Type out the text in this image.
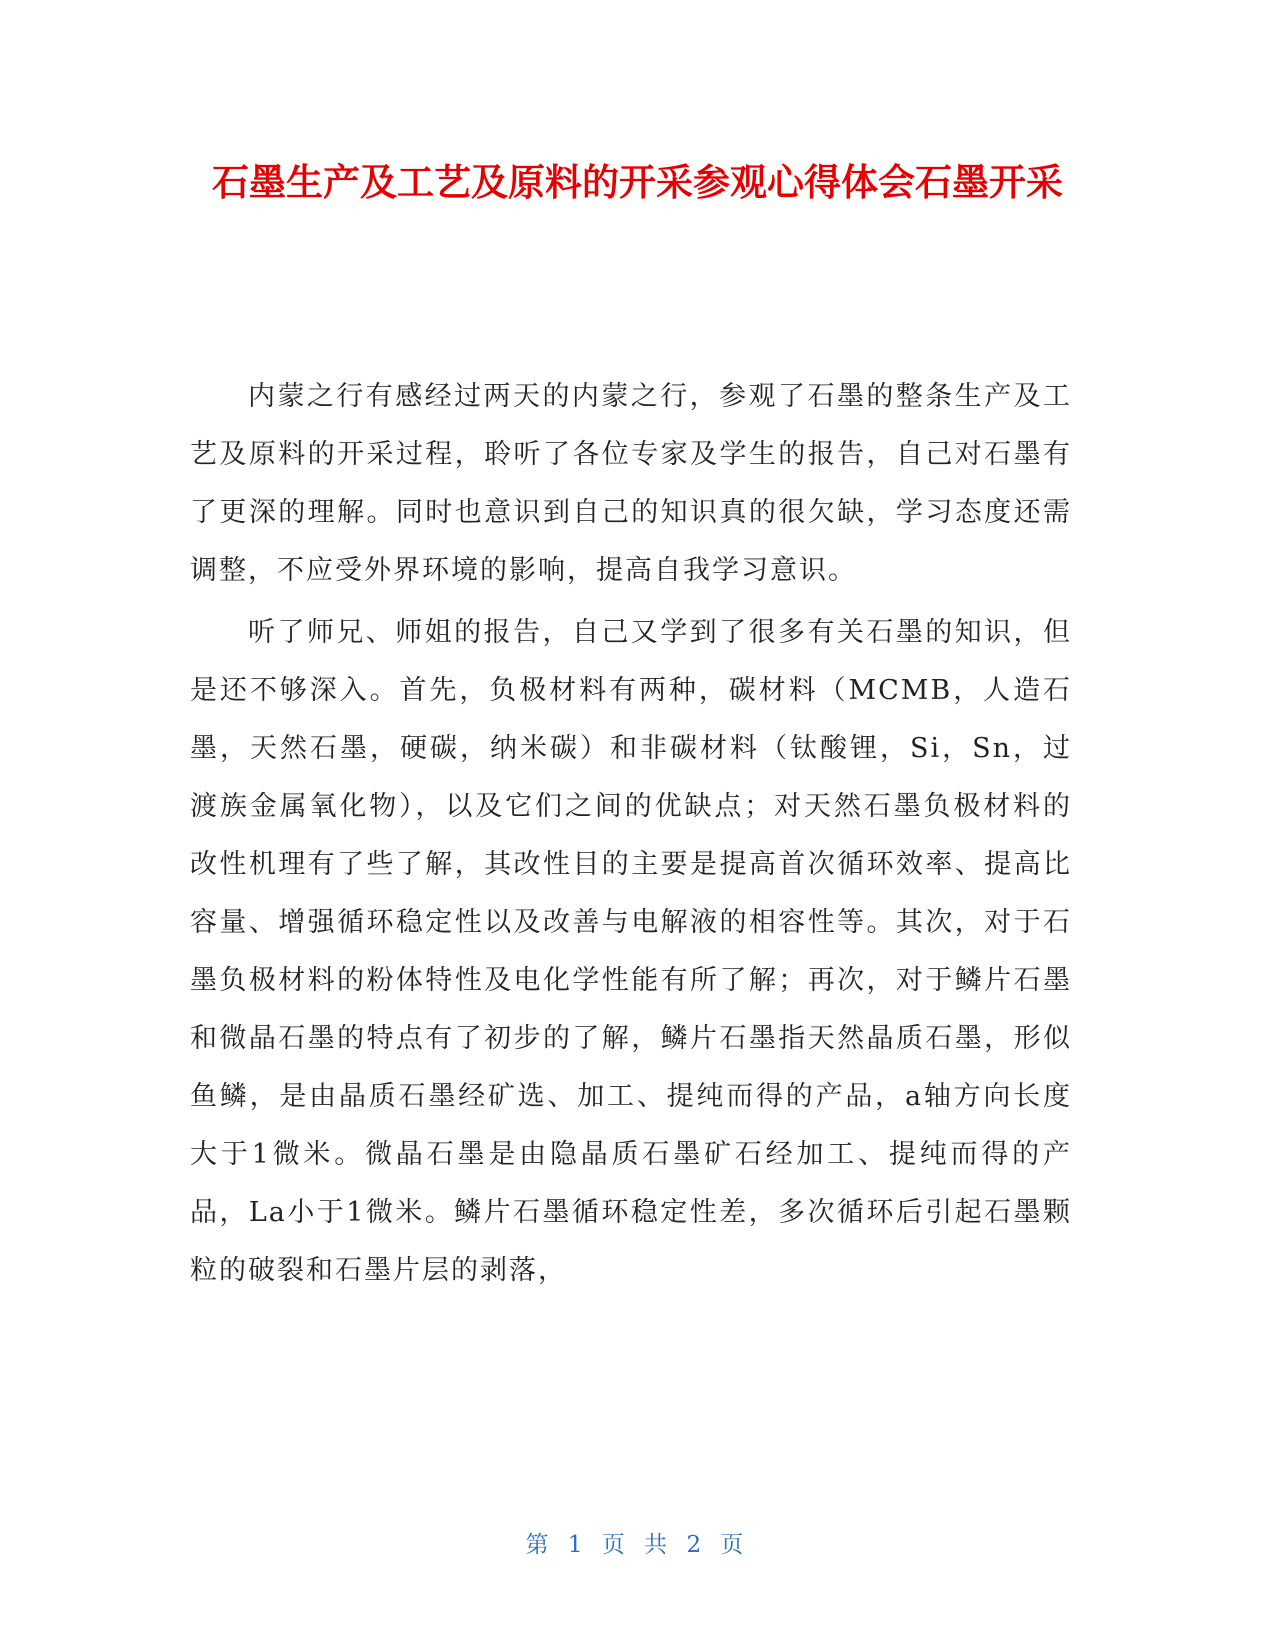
石墨生产及工艺及原料的开采参观心得体会石墨开采

内蒙之行有感经过两天的内蒙之行，参观了石墨的整条生产及工艺及原料的开采过程，聆听了各位专家及学生的报告，自己对石墨有了更深的理解。同时也意识到自己的知识真的很欠缺，学习态度还需调整，不应受外界环境的影响，提高自我学习意识。

听了师兄、师姐的报告，自己又学到了很多有关石墨的知识，但是还不够深入。首先，负极材料有两种，碳材料（MCMB，人造石墨，天然石墨，硬碳，纳米碳）和非碳材料（钛酸锂，Si，Sn，过渡族金属氧化物），以及它们之间的优缺点；对天然石墨负极材料的改性机理有了些了解，其改性目的主要是提高首次循环效率、提高比容量、增强循环稳定性以及改善与电解液的相容性等。其次，对于石墨负极材料的粉体特性及电化学性能有所了解；再次，对于鳞片石墨和微晶石墨的特点有了初步的了解，鳞片石墨指天然晶质石墨，形似鱼鳞，是由晶质石墨经矿选、加工、提纯而得的产品，a轴方向长度大于1微米。微晶石墨是由隐晶质石墨矿石经加工、提纯而得的产品，La小于1微米。鳞片石墨循环稳定性差，多次循环后引起石墨颗粒的破裂和石墨片层的剥落，

第 1 页 共 2 页
